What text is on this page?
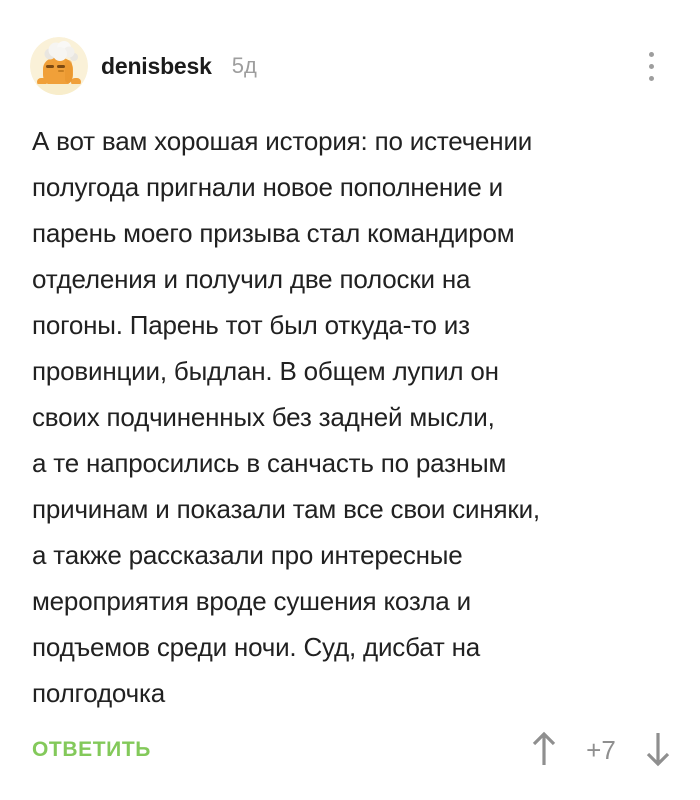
denisbesk 5д
А вот вам хорошая история: по истечении
полугода пригнали новое пополнение и
парень моего призыва стал командиром
отделения и получил две полоски на
погоны. Парень тот был откуда-то из
провинции, быдлан. В общем лупил он
своих подчиненных без задней мысли,
а те напросились в санчасть по разным
причинам и показали там все свои синяки,
а также рассказали про интересные
мероприятия вроде сушения козла и
подъемов среди ночи. Суд, дисбат на
полгодочка
ОТВЕТИТЬ	+7
